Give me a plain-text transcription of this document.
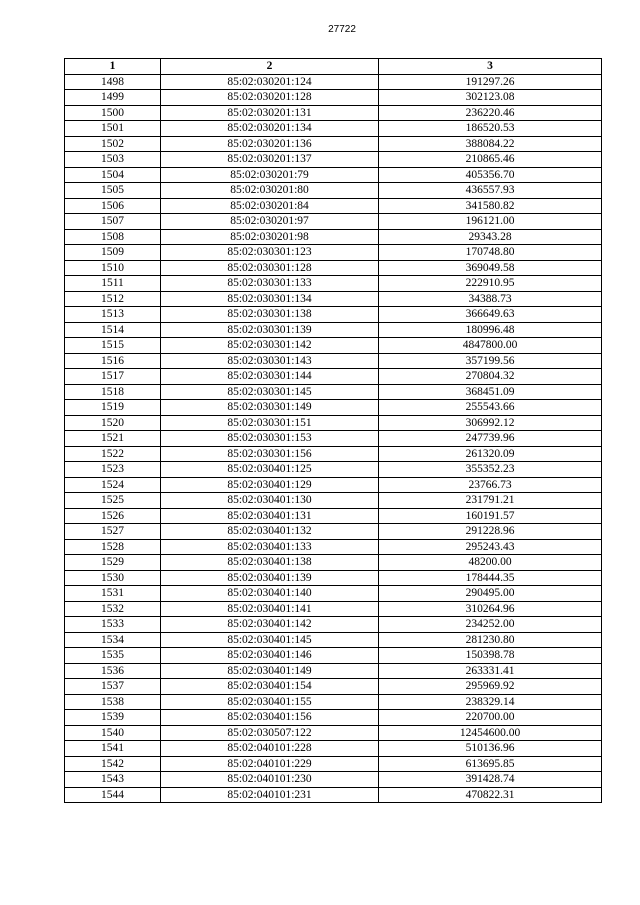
27722
1	2	3
1498	85:02:030201:124	191297.26
1499	85:02:030201:128	302123.08
1500	85:02:030201:131	236220.46
1501	85:02:030201:134	186520.53
1502	85:02:030201:136	388084.22
1503	85:02:030201:137	210865.46
1504	85:02:030201:79	405356.70
1505	85:02:030201:80	436557.93
1506	85:02:030201:84	341580.82
1507	85:02:030201:97	196121.00
1508	85:02:030201:98	29343.28
1509	85:02:030301:123	170748.80
1510	85:02:030301:128	369049.58
1511	85:02:030301:133	222910.95
1512	85:02:030301:134	34388.73
1513	85:02:030301:138	366649.63
1514	85:02:030301:139	180996.48
1515	85:02:030301:142	4847800.00
1516	85:02:030301:143	357199.56
1517	85:02:030301:144	270804.32
1518	85:02:030301:145	368451.09
1519	85:02:030301:149	255543.66
1520	85:02:030301:151	306992.12
1521	85:02:030301:153	247739.96
1522	85:02:030301:156	261320.09
1523	85:02:030401:125	355352.23
1524	85:02:030401:129	23766.73
1525	85:02:030401:130	231791.21
1526	85:02:030401:131	160191.57
1527	85:02:030401:132	291228.96
1528	85:02:030401:133	295243.43
1529	85:02:030401:138	48200.00
1530	85:02:030401:139	178444.35
1531	85:02:030401:140	290495.00
1532	85:02:030401:141	310264.96
1533	85:02:030401:142	234252.00
1534	85:02:030401:145	281230.80
1535	85:02:030401:146	150398.78
1536	85:02:030401:149	263331.41
1537	85:02:030401:154	295969.92
1538	85:02:030401:155	238329.14
1539	85:02:030401:156	220700.00
1540	85:02:030507:122	12454600.00
1541	85:02:040101:228	510136.96
1542	85:02:040101:229	613695.85
1543	85:02:040101:230	391428.74
1544	85:02:040101:231	470822.31
